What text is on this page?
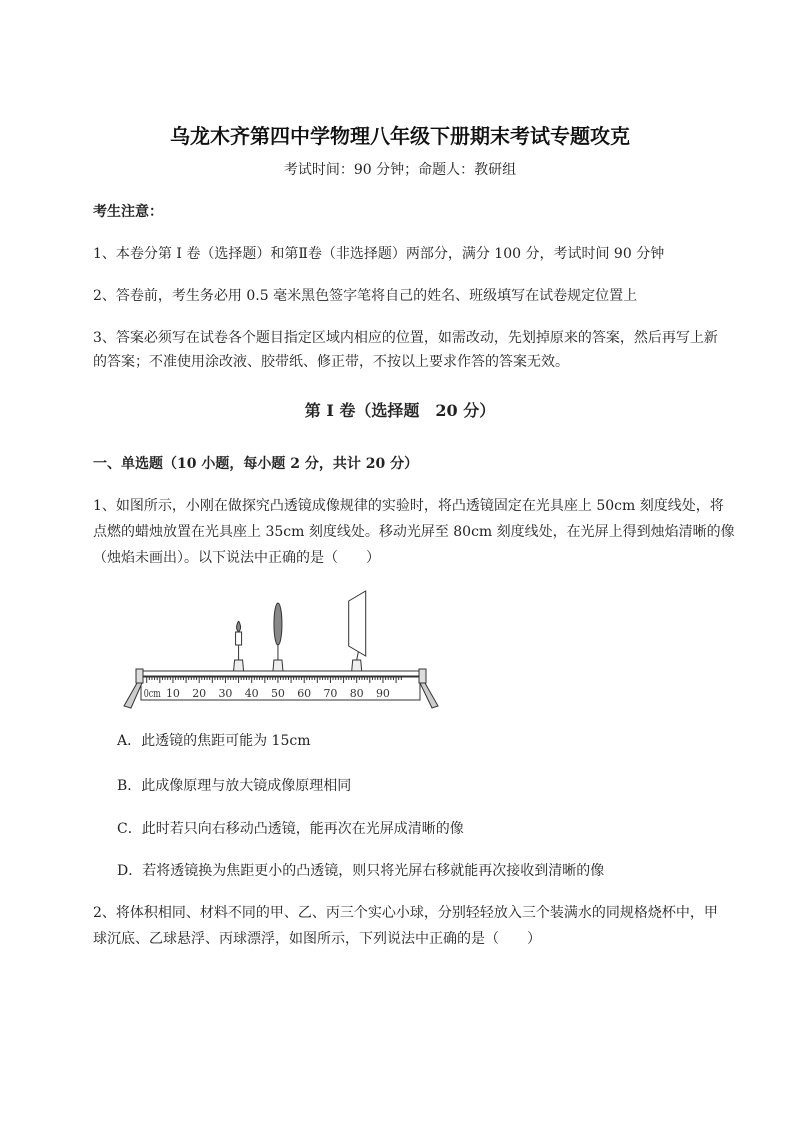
乌龙木齐第四中学物理八年级下册期末考试专题攻克
考试时间：90 分钟；命题人：教研组
考生注意：
1、本卷分第 I 卷（选择题）和第Ⅱ卷（非选择题）两部分，满分 100 分，考试时间 90 分钟
2、答卷前，考生务必用 0.5 毫米黑色签字笔将自己的姓名、班级填写在试卷规定位置上
3、答案必须写在试卷各个题目指定区域内相应的位置，如需改动，先划掉原来的答案，然后再写上新
的答案；不准使用涂改液、胶带纸、修正带，不按以上要求作答的答案无效。
第 I 卷（选择题　20 分）
一、单选题（10 小题，每小题 2 分，共计 20 分）
1、如图所示，小刚在做探究凸透镜成像规律的实验时，将凸透镜固定在光具座上 50cm 刻度线处，将
点燃的蜡烛放置在光具座上 35cm 刻度线处。移动光屏至 80cm 刻度线处，在光屏上得到烛焰清晰的像
（烛焰未画出）。以下说法中正确的是（　　）
0cm 10 20 30 40 50 60 70 80 90
A．此透镜的焦距可能为 15cm
B．此成像原理与放大镜成像原理相同
C．此时若只向右移动凸透镜，能再次在光屏成清晰的像
D．若将透镜换为焦距更小的凸透镜，则只将光屏右移就能再次接收到清晰的像
2、将体积相同、材料不同的甲、乙、丙三个实心小球，分别轻轻放入三个装满水的同规格烧杯中，甲
球沉底、乙球悬浮、丙球漂浮，如图所示，下列说法中正确的是（　　）
